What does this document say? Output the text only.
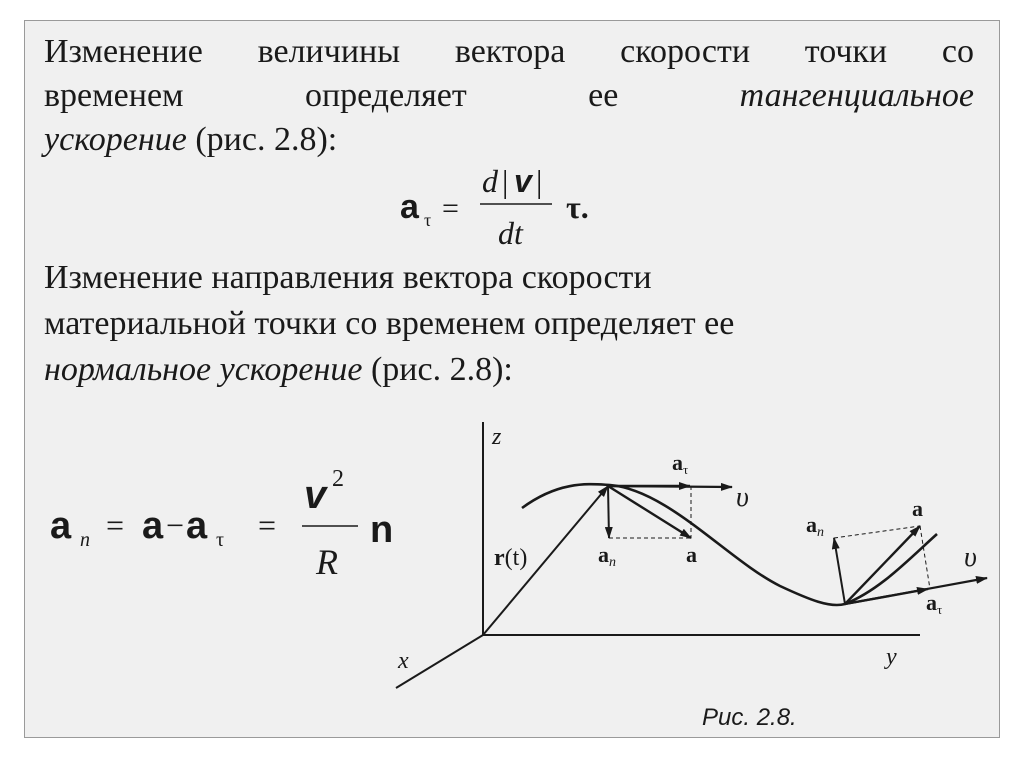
Изменение величины вектора скорости точки со
временем	определяет	ее	тангенциальное
ускорение (рис. 2.8):
a τ =
d | v |
dt
τ.
Изменение направления вектора скорости
материальной точки со временем определяет ее
нормальное ускорение (рис. 2.8):
a n = a − a τ =
v 2
R
n
z
x	y
r(t)
aτ
υ
an	a
an
a
υ
aτ
Рис. 2.8.
